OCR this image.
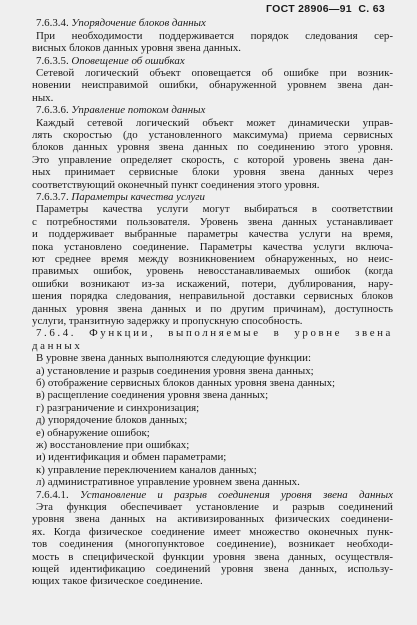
ГОСТ 28906—91 С. 63
7.6.3.4. Упорядочение блоков данных
При необходимости поддерживается порядок следования сер-
висных блоков данных уровня звена данных.
7.6.3.5. Оповещение об ошибках
Сетевой логический объект оповещается об ошибке при возник-
новении неисправимой ошибки, обнаруженной уровнем звена дан-
ных.
7.6.3.6. Управление потоком данных
Каждый сетевой логический объект может динамически управ-
лять скоростью (до установленного максимума) приема сервисных
блоков данных уровня звена данных по соединению этого уровня.
Это управление определяет скорость, с которой уровень звена дан-
ных принимает сервисные блоки уровня звена данных через
соответствующий оконечный пункт соединения этого уровня.
7.6.3.7. Параметры качества услуги
Параметры качества услуги могут выбираться в соответствии
с потребностями пользователя. Уровень звена данных устанавливает
и поддерживает выбранные параметры качества услуги на время,
пока установлено соединение. Параметры качества услуги включа-
ют среднее время между возникновением обнаруженных, но неис-
правимых ошибок, уровень невосстанавливаемых ошибок (когда
ошибки возникают из-за искажений, потери, дублирования, нару-
шения порядка следования, неправильной доставки сервисных блоков
данных уровня звена данных и по другим причинам), доступность
услуги, транзитную задержку и пропускную способность.
7.6.4. Функции, выполняемые в уровне звена
данных
В уровне звена данных выполняются следующие функции:
а) установление и разрыв соединения уровня звена данных;
б) отображение сервисных блоков данных уровня звена данных;
в) расщепление соединения уровня звена данных;
г) разграничение и синхронизация;
д) упорядочение блоков данных;
е) обнаружение ошибок;
ж) восстановление при ошибках;
и) идентификация и обмен параметрами;
к) управление переключением каналов данных;
л) административное управление уровнем звена данных.
7.6.4.1. Установление и разрыв соединения уровня звена данных
Эта функция обеспечивает установление и разрыв соединений
уровня звена данных на активизированных физических соединени-
ях. Когда физическое соединение имеет множество оконечных пунк-
тов соединения (многопунктовое соединение), возникает необходи-
мость в специфической функции уровня звена данных, осуществля-
ющей идентификацию соединений уровня звена данных, использу-
ющих такое физическое соединение.
